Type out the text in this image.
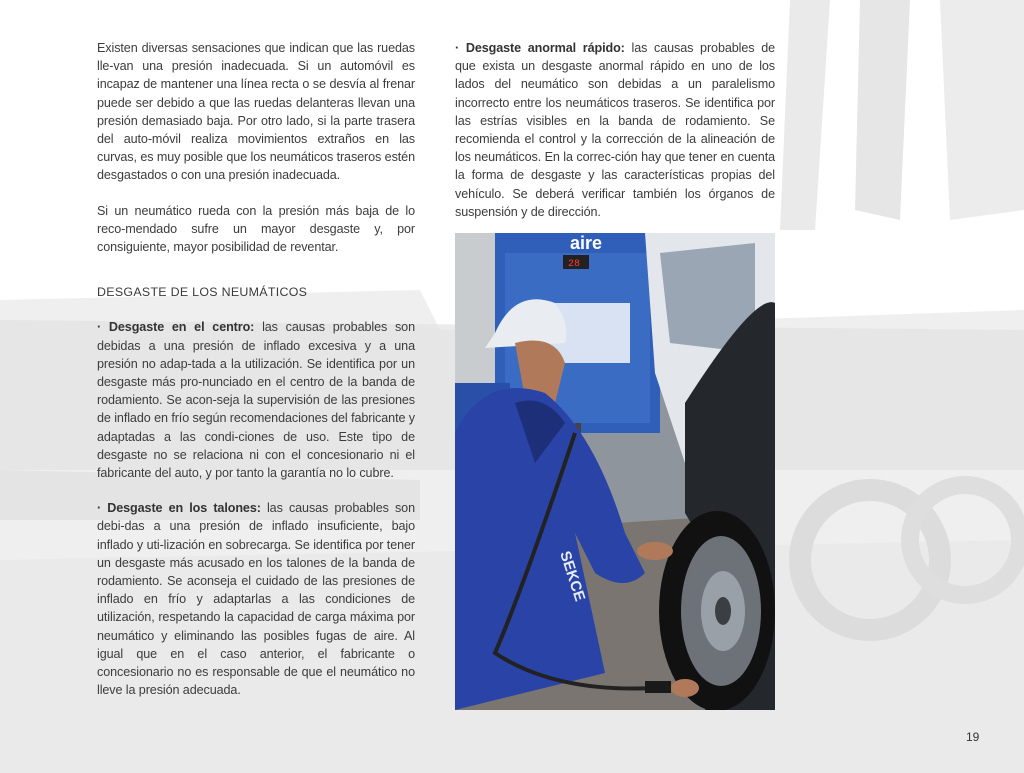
Existen diversas sensaciones que indican que las ruedas lle-van una presión inadecuada. Si un automóvil es incapaz de mantener una línea recta o se desvía al frenar puede ser debido a que las ruedas delanteras llevan una presión demasiado baja. Por otro lado, si la parte trasera del auto-móvil realiza movimientos extraños en las curvas, es muy posible que los neumáticos traseros estén desgastados o con una presión inadecuada.

Si un neumático rueda con la presión más baja de lo reco-mendado sufre un mayor desgaste y, por consiguiente, mayor posibilidad de reventar.

DESGASTE DE LOS NEUMÁTICOS

· Desgaste en el centro: las causas probables son debidas a una presión de inflado excesiva y a una presión no adap-tada a la utilización. Se identifica por un desgaste más pro-nunciado en el centro de la banda de rodamiento. Se acon-seja la supervisión de las presiones de inflado en frío según recomendaciones del fabricante y adaptadas a las condi-ciones de uso. Este tipo de desgaste no se relaciona ni con el concesionario ni el fabricante del auto, y por tanto la garantía no lo cubre.

· Desgaste en los talones: las causas probables son debi-das a una presión de inflado insuficiente, bajo inflado y uti-lización en sobrecarga. Se identifica por tener un desgaste más acusado en los talones de la banda de rodamiento. Se aconseja el cuidado de las presiones de inflado en frío y adaptarlas a las condiciones de utilización, respetando la capacidad de carga máxima por neumático y eliminando las posibles fugas de aire. Al igual que en el caso anterior, el fabricante o concesionario no es responsable de que el neumático no lleve la presión adecuada.

· Desgaste anormal rápido: las causas probables de que exista un desgaste anormal rápido en uno de los lados del neumático son debidas a un paralelismo incorrecto entre los neumáticos traseros. Se identifica por las estrías visibles en la banda de rodamiento. Se recomienda el control y la corrección de la alineación de los neumáticos. En la correc-ción hay que tener en cuenta la forma de desgaste y las características propias del vehículo. Se deberá verificar también los órganos de suspensión y de dirección.

aire
28
SEKCE
19
